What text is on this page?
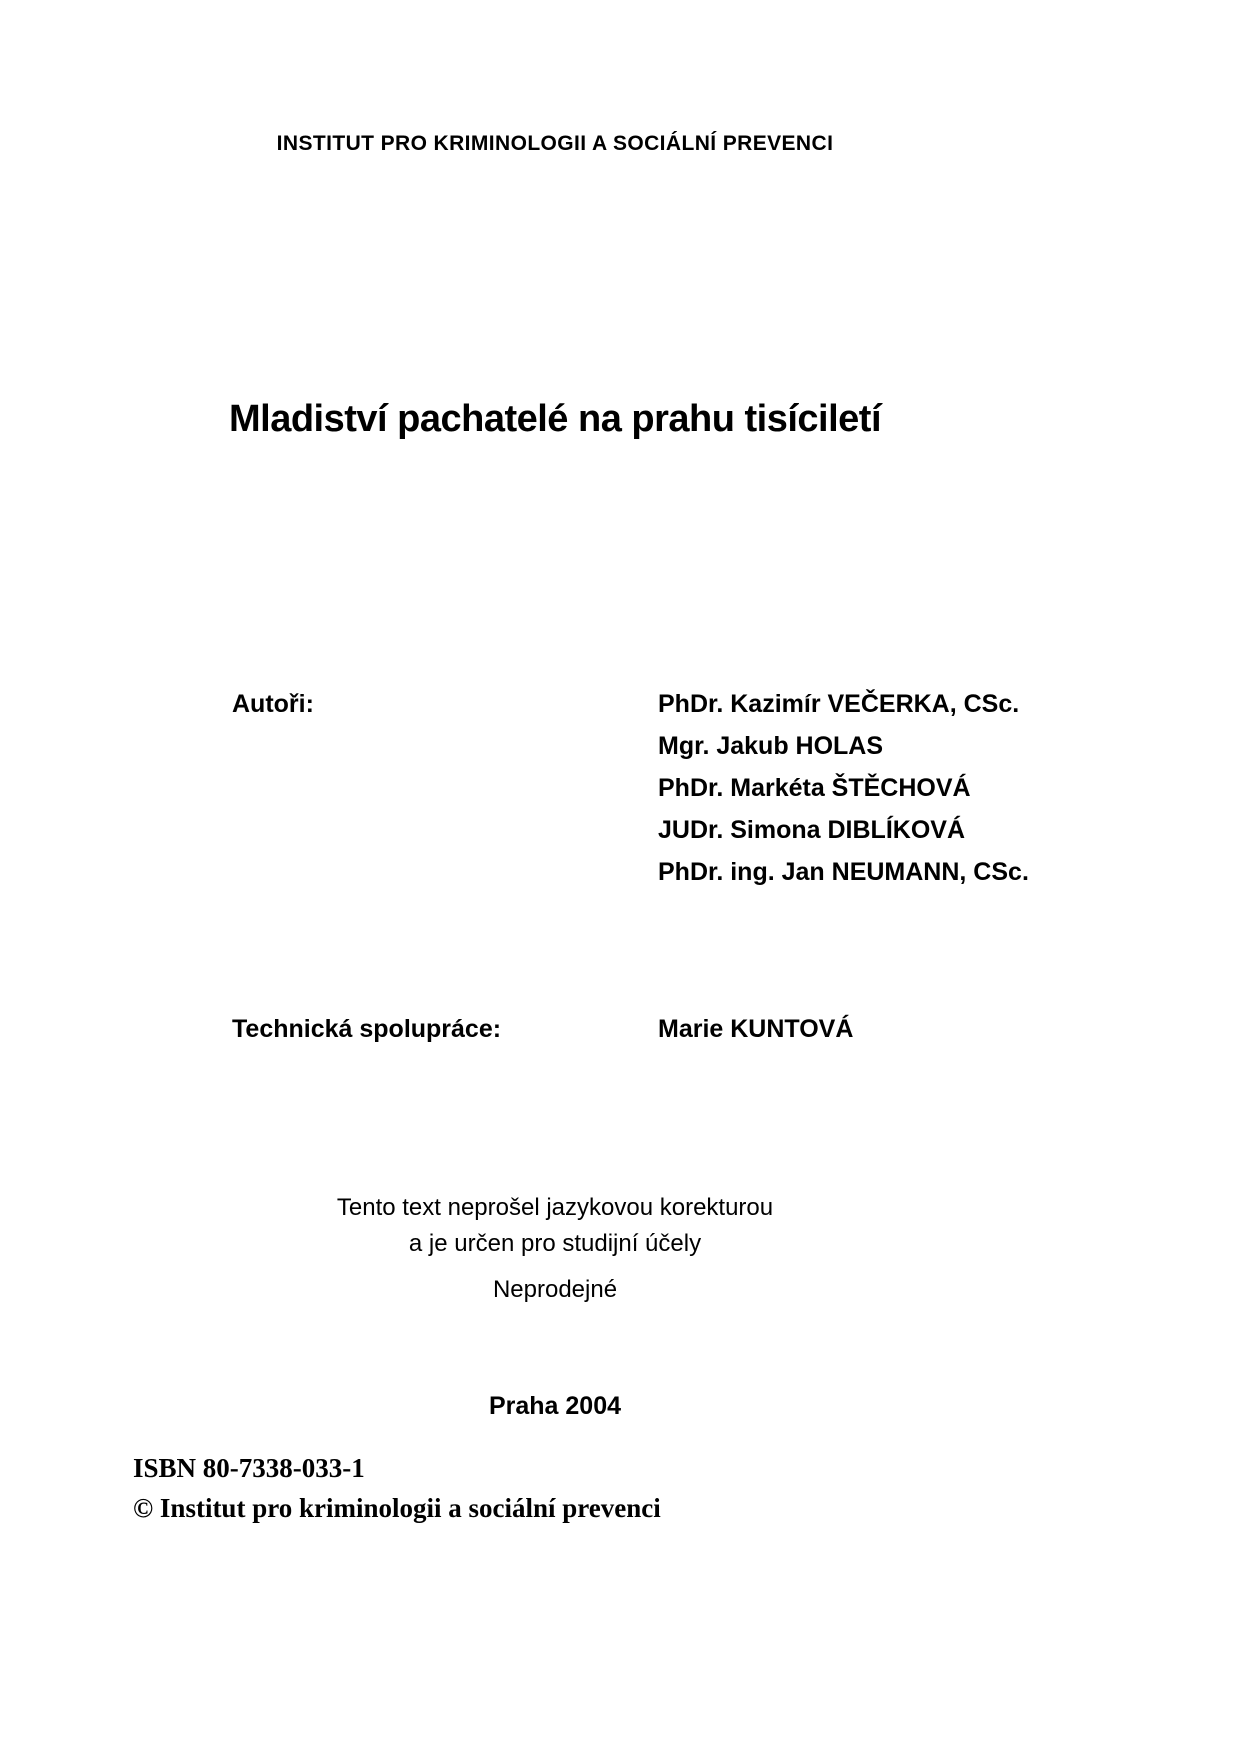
INSTITUT PRO KRIMINOLOGII A SOCIÁLNÍ PREVENCI
Mladiství pachatelé na prahu tisíciletí
Autoři:	PhDr. Kazimír VEČERKA, CSc.
Mgr. Jakub HOLAS
PhDr. Markéta ŠTĚCHOVÁ
JUDr. Simona DIBLÍKOVÁ
PhDr. ing. Jan NEUMANN, CSc.
Technická spolupráce:	Marie KUNTOVÁ
Tento text neprošel jazykovou korekturou
a je určen pro studijní účely
Neprodejné
Praha 2004
ISBN 80-7338-033-1
© Institut pro kriminologii a sociální prevenci
